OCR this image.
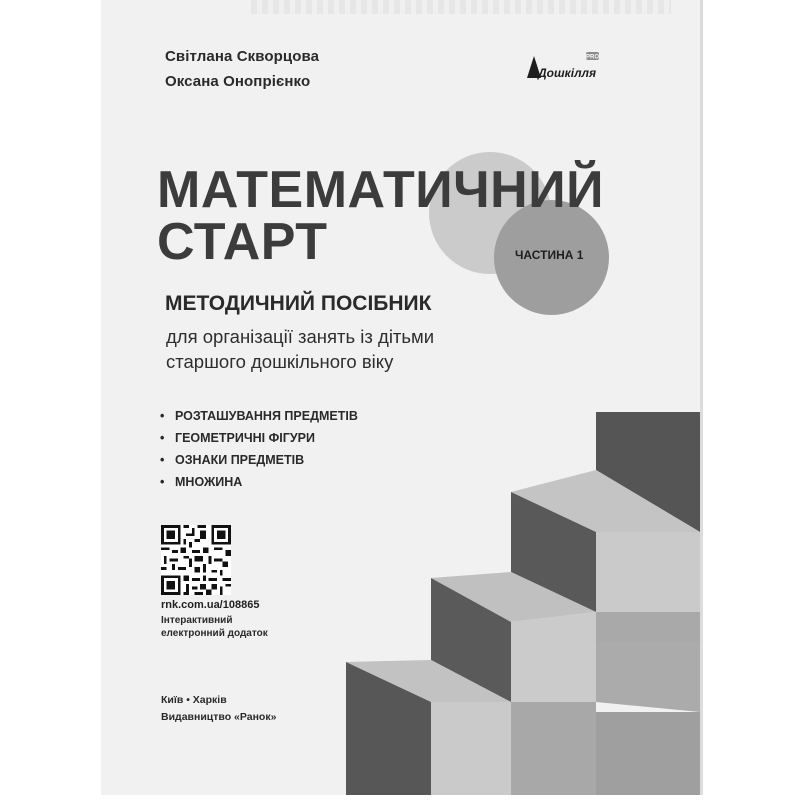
Світлана Скворцова
Оксана Онопрієнко
PRO
Дошкілля
МАТЕМАТИЧНИЙ
СТАРТ	ЧАСТИНА 1
МЕТОДИЧНИЙ ПОСІБНИК
для організації занять із дітьми
старшого дошкільного віку
• РОЗТАШУВАННЯ ПРЕДМЕТІВ
• ГЕОМЕТРИЧНІ ФІГУРИ
• ОЗНАКИ ПРЕДМЕТІВ
• МНОЖИНА
rnk.com.ua/108865
Інтерактивний
електронний додаток
Київ • Харків
Видавництво «Ранок»
